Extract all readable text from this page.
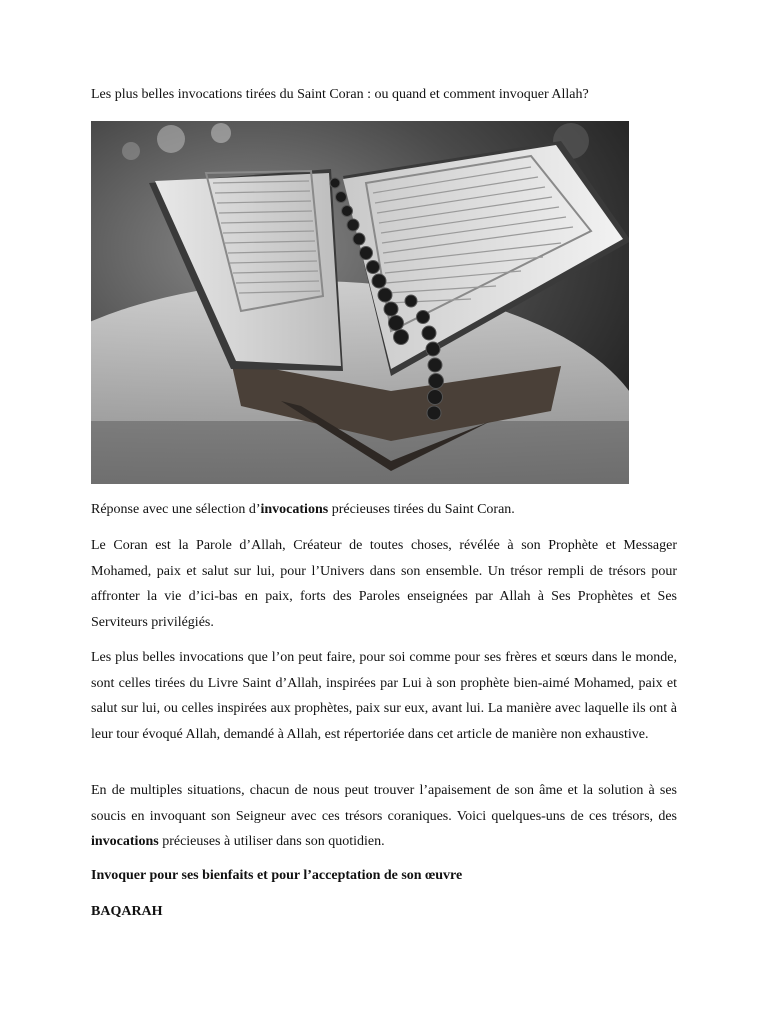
Les plus belles invocations tirées du Saint Coran : ou quand et comment invoquer Allah?

Réponse avec une sélection d’invocations précieuses tirées du Saint Coran.

Le Coran est la Parole d’Allah, Créateur de toutes choses, révélée à son Prophète et Messager Mohamed, paix et salut sur lui, pour l’Univers dans son ensemble. Un trésor rempli de trésors pour affronter la vie d’ici-bas en paix, forts des Paroles enseignées par Allah à Ses Prophètes et Ses Serviteurs privilégiés.

Les plus belles invocations que l’on peut faire, pour soi comme pour ses frères et sœurs dans le monde, sont celles tirées du Livre Saint d’Allah, inspirées par Lui à son prophète bien-aimé Mohamed, paix et salut sur lui, ou celles inspirées aux prophètes, paix sur eux, avant lui. La manière avec laquelle ils ont à leur tour évoqué Allah, demandé à Allah, est répertoriée dans cet article de manière non exhaustive.

En de multiples situations, chacun de nous peut trouver l’apaisement de son âme et la solution à ses soucis en invoquant son Seigneur avec ces trésors coraniques. Voici quelques-uns de ces trésors, des invocations précieuses à utiliser dans son quotidien.

Invoquer pour ses bienfaits et pour l’acceptation de son œuvre

BAQARAH
